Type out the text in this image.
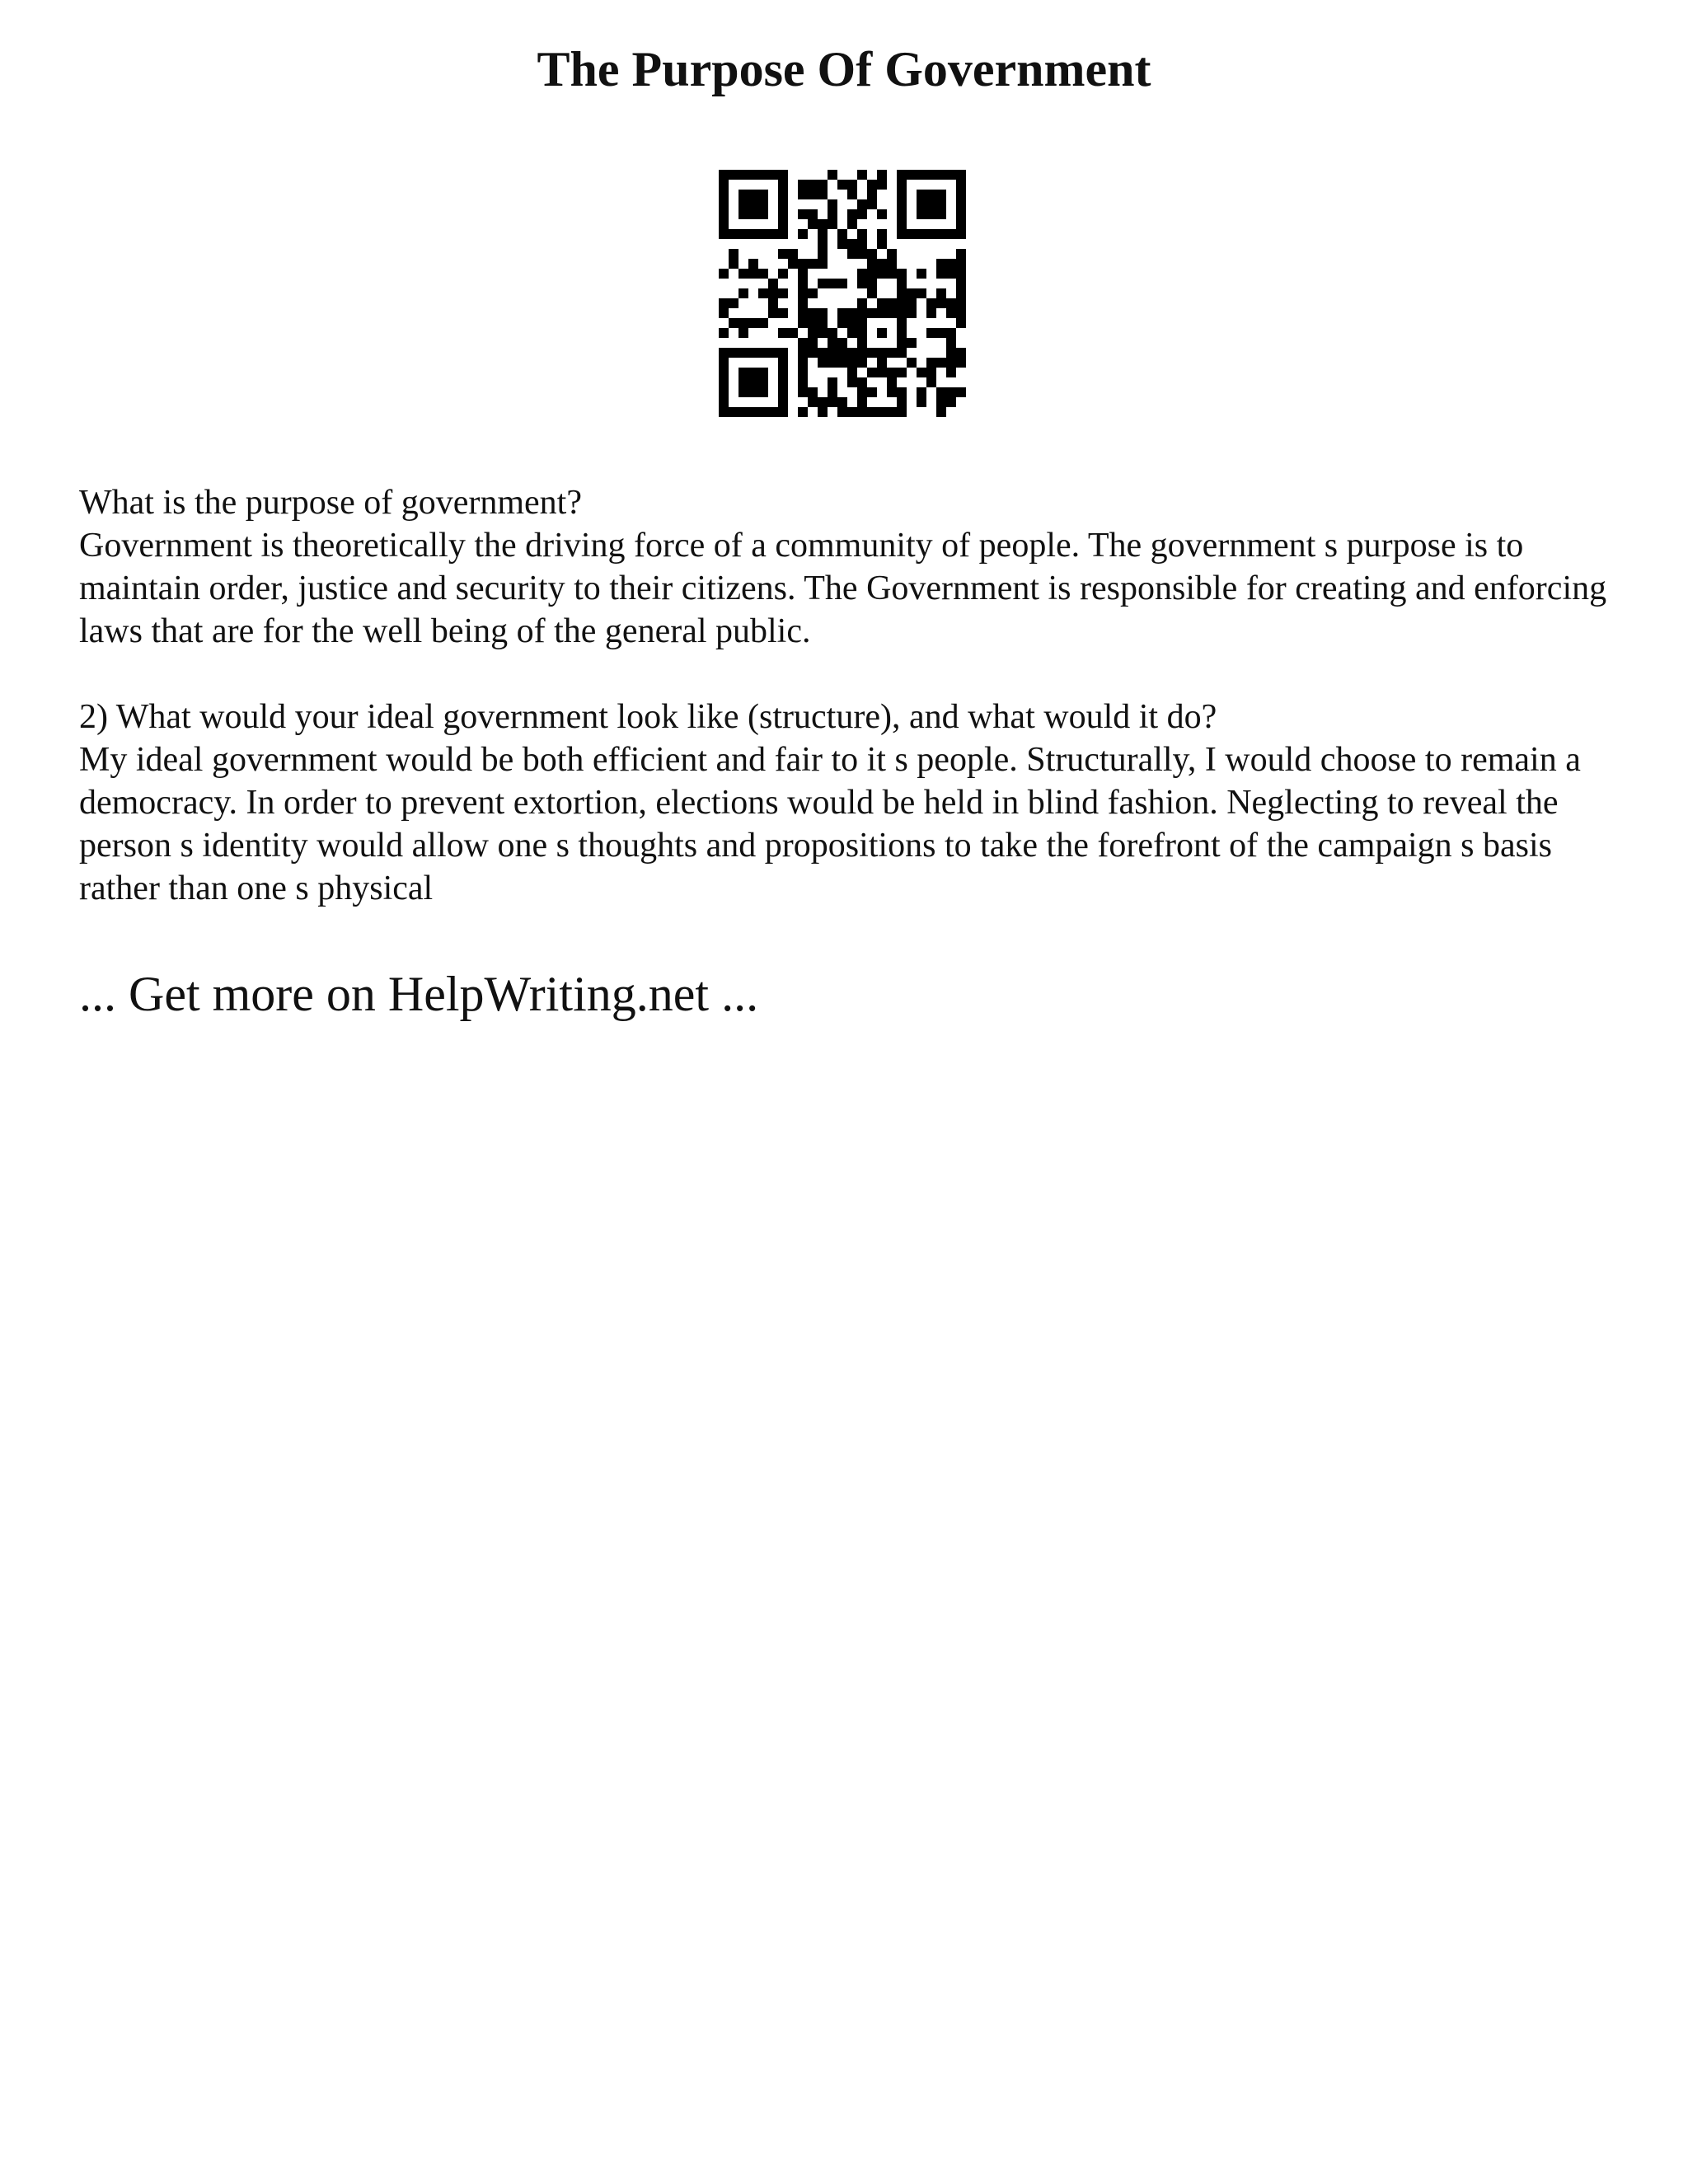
The Purpose Of Government

What is the purpose of government?

Government is theoretically the driving force of a community of people. The government s purpose is to maintain order, justice and security to their citizens. The Government is responsible for creating and enforcing laws that are for the well being of the general public.

2) What would your ideal government look like (structure), and what would it do?

My ideal government would be both efficient and fair to it s people. Structurally, I would choose to remain a democracy. In order to prevent extortion, elections would be held in blind fashion. Neglecting to reveal the person s identity would allow one s thoughts and propositions to take the forefront of the campaign s basis rather than one s physical

... Get more on HelpWriting.net ...
